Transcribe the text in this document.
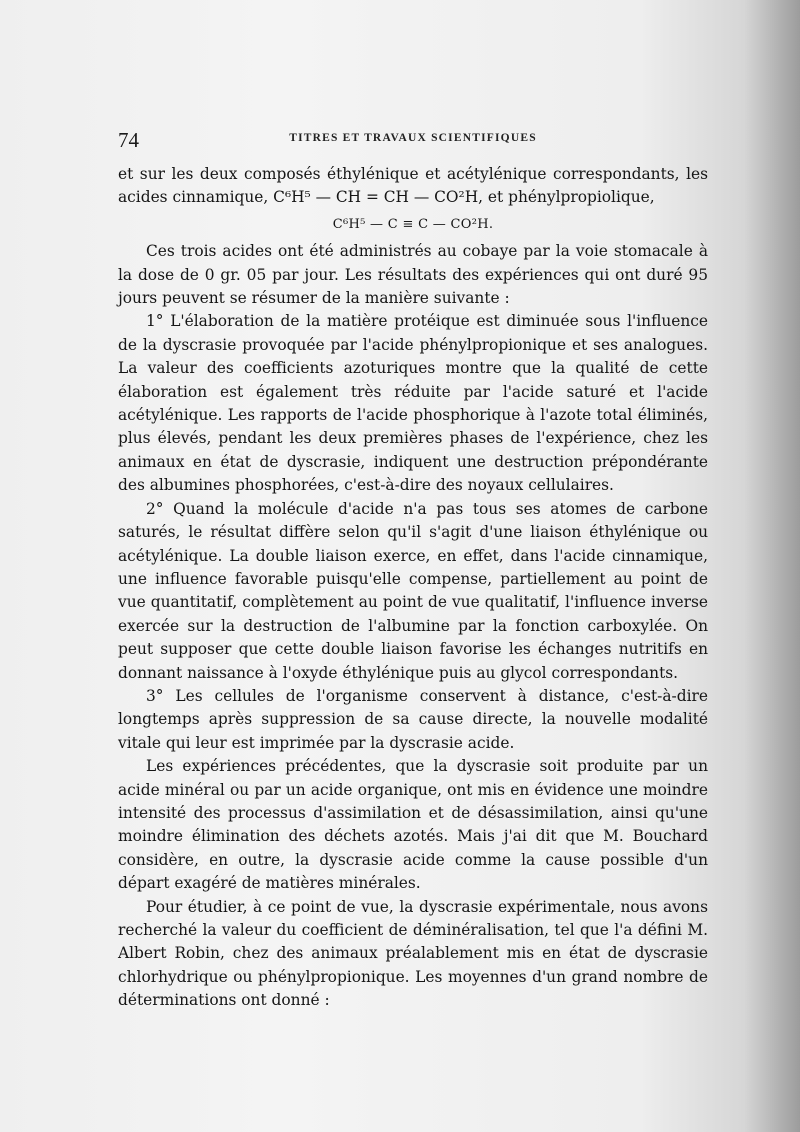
74	TITRES ET TRAVAUX SCIENTIFIQUES

et sur les deux composés éthylénique et acétylénique correspondants, les acides cinnamique, C⁶H⁵ — CH = CH — CO²H, et phénylpropiolique,

C⁶H⁵ — C ≡ C — CO²H.

Ces trois acides ont été administrés au cobaye par la voie stomacale à la dose de 0 gr. 05 par jour. Les résultats des expériences qui ont duré 95 jours peuvent se résumer de la manière suivante :

1° L'élaboration de la matière protéique est diminuée sous l'influence de la dyscrasie provoquée par l'acide phénylpropionique et ses analogues. La valeur des coefficients azoturiques montre que la qualité de cette élaboration est également très réduite par l'acide saturé et l'acide acétylénique. Les rapports de l'acide phosphorique à l'azote total éliminés, plus élevés, pendant les deux premières phases de l'expérience, chez les animaux en état de dyscrasie, indiquent une destruction prépondérante des albumines phosphorées, c'est-à-dire des noyaux cellulaires.

2° Quand la molécule d'acide n'a pas tous ses atomes de carbone saturés, le résultat diffère selon qu'il s'agit d'une liaison éthylénique ou acétylénique. La double liaison exerce, en effet, dans l'acide cinnamique, une influence favorable puisqu'elle compense, partiellement au point de vue quantitatif, complètement au point de vue qualitatif, l'influence inverse exercée sur la destruction de l'albumine par la fonction carboxylée. On peut supposer que cette double liaison favorise les échanges nutritifs en donnant naissance à l'oxyde éthylénique puis au glycol correspondants.

3° Les cellules de l'organisme conservent à distance, c'est-à-dire longtemps après suppression de sa cause directe, la nouvelle modalité vitale qui leur est imprimée par la dyscrasie acide.

Les expériences précédentes, que la dyscrasie soit produite par un acide minéral ou par un acide organique, ont mis en évidence une moindre intensité des processus d'assimilation et de désassimilation, ainsi qu'une moindre élimination des déchets azotés. Mais j'ai dit que M. Bouchard considère, en outre, la dyscrasie acide comme la cause possible d'un départ exagéré de matières minérales.

Pour étudier, à ce point de vue, la dyscrasie expérimentale, nous avons recherché la valeur du coefficient de déminéralisation, tel que l'a défini M. Albert Robin, chez des animaux préalablement mis en état de dyscrasie chlorhydrique ou phénylpropionique. Les moyennes d'un grand nombre de déterminations ont donné :
